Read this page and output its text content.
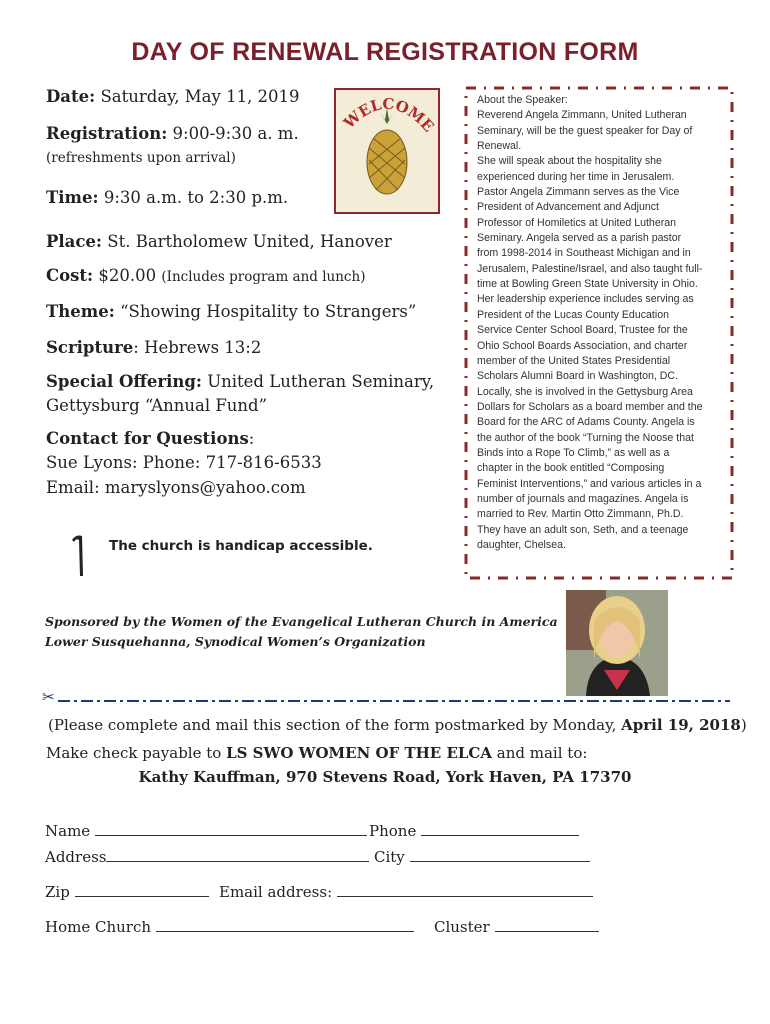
DAY OF RENEWAL REGISTRATION FORM
Date: Saturday, May 11, 2019
Registration: 9:00-9:30 a. m.
(refreshments upon arrival)
Time: 9:30 a.m. to 2:30 p.m.
Place: St. Bartholomew United, Hanover
Cost: $20.00 (Includes program and lunch)
Theme: “Showing Hospitality to Strangers”
Scripture: Hebrews 13:2
Special Offering: United Lutheran Seminary,
Gettysburg “Annual Fund”
Contact for Questions:
Sue Lyons: Phone: 717-816-6533
Email: maryslyons@yahoo.com
The church is handicap accessible.
WELCOME
About the Speaker:
Reverend Angela Zimmann, United Lutheran
Seminary, will be the guest speaker for Day of
Renewal.
She will speak about the hospitality she
experienced during her time in Jerusalem.
Pastor Angela Zimmann serves as the Vice
President of Advancement and Adjunct
Professor of Homiletics at United Lutheran
Seminary. Angela served as a parish pastor
from 1998-2014 in Southeast Michigan and in
Jerusalem, Palestine/Israel, and also taught full-
time at Bowling Green State University in Ohio.
Her leadership experience includes serving as
President of the Lucas County Education
Service Center School Board, Trustee for the
Ohio School Boards Association, and charter
member of the United States Presidential
Scholars Alumni Board in Washington, DC.
Locally, she is involved in the Gettysburg Area
Dollars for Scholars as a board member and the
Board for the ARC of Adams County. Angela is
the author of the book “Turning the Noose that
Binds into a Rope To Climb,” as well as a
chapter in the book entitled “Composing
Feminist Interventions,” and various articles in a
number of journals and magazines. Angela is
married to Rev. Martin Otto Zimmann, Ph.D.
They have an adult son, Seth, and a teenage
daughter, Chelsea.
Sponsored by the Women of the Evangelical Lutheran Church in America
Lower Susquehanna, Synodical Women’s Organization
✂
(Please complete and mail this section of the form postmarked by Monday, April 19, 2018)
Make check payable to LS SWO WOMEN OF THE ELCA and mail to:
Kathy Kauffman, 970 Stevens Road, York Haven, PA 17370
Name	Phone
Address	City
Zip	Email address:
Home Church	Cluster
